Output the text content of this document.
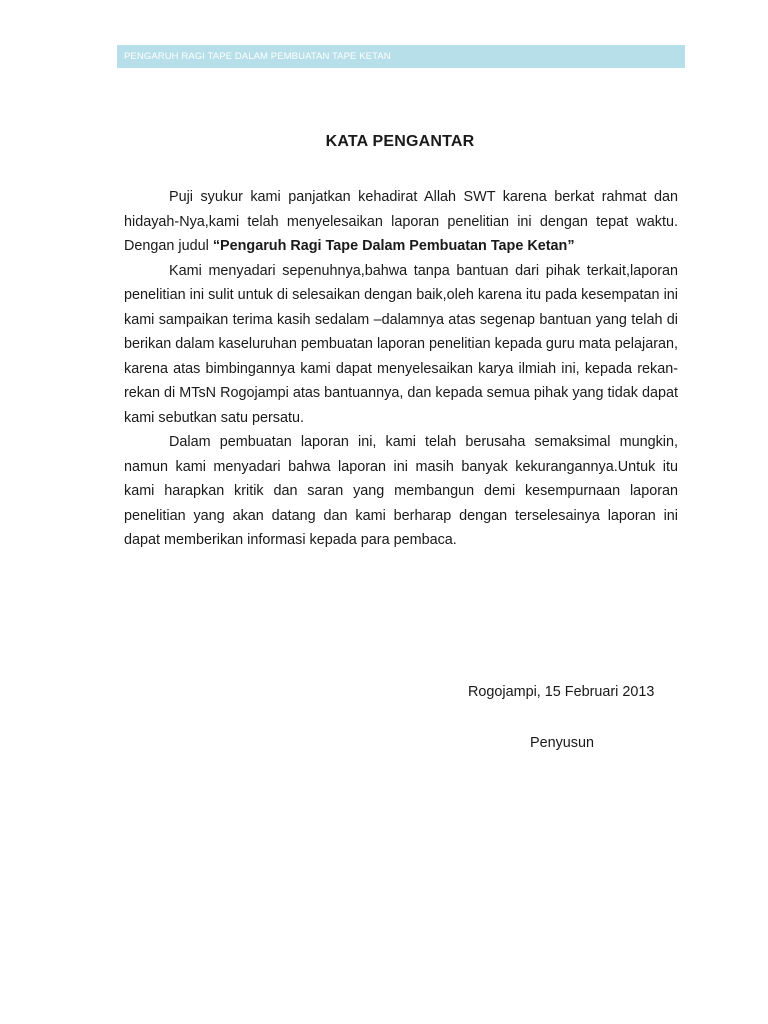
PENGARUH RAGI TAPE DALAM PEMBUATAN TAPE KETAN
KATA PENGANTAR

Puji syukur kami panjatkan kehadirat Allah SWT karena berkat rahmat dan hidayah-Nya,kami telah menyelesaikan laporan penelitian ini dengan tepat waktu. Dengan judul “Pengaruh Ragi Tape Dalam Pembuatan Tape Ketan”

Kami menyadari sepenuhnya,bahwa tanpa bantuan dari pihak terkait,laporan penelitian ini sulit untuk di selesaikan dengan baik,oleh karena itu pada kesempatan ini kami sampaikan terima kasih sedalam –dalamnya atas segenap bantuan yang telah di berikan dalam kaseluruhan pembuatan laporan penelitian kepada guru mata pelajaran, karena atas bimbingannya kami dapat menyelesaikan karya ilmiah ini, kepada rekan-rekan di MTsN Rogojampi atas bantuannya, dan kepada semua pihak yang tidak dapat kami sebutkan satu persatu.

Dalam pembuatan laporan ini, kami telah berusaha semaksimal mungkin, namun kami menyadari bahwa laporan ini masih banyak kekurangannya.Untuk itu kami harapkan kritik dan saran yang membangun demi kesempurnaan laporan penelitian yang akan datang dan kami berharap dengan terselesainya laporan ini dapat memberikan informasi kepada para pembaca.

Rogojampi, 15 Februari 2013
Penyusun
